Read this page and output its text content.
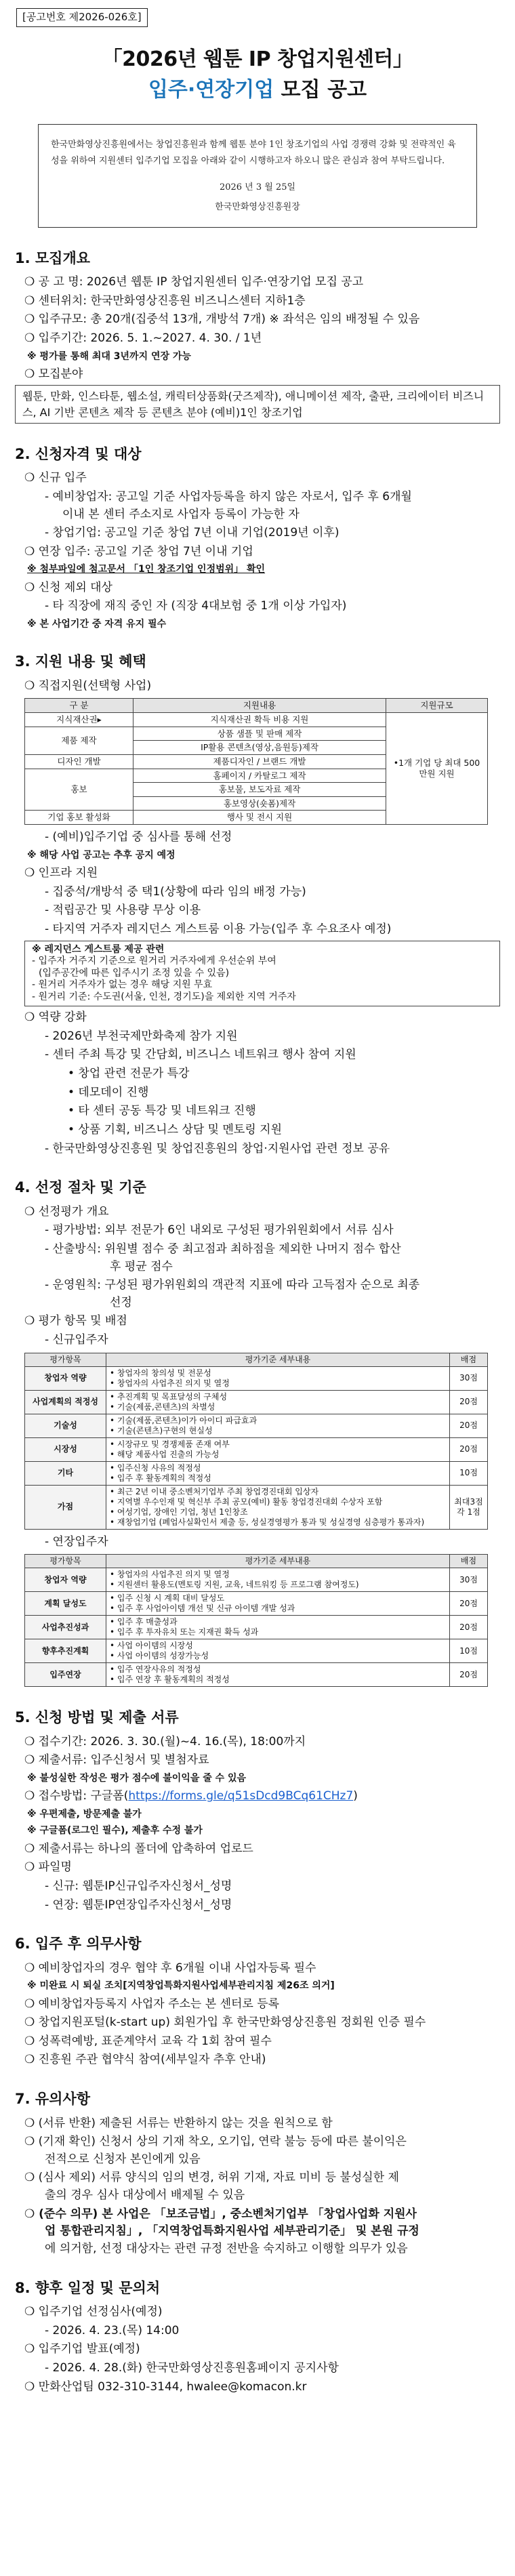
[공고번호 제2026-026호]
「2026년 웹툰 IP 창업지원센터」
입주·연장기업 모집 공고
한국만화영상진흥원에서는 창업진흥원과 함께 웹툰 분야 1인 창조기업의 사업 경쟁력 강화 및 전략적인 육성을 위하여 지원센터 입주기업 모집을 아래와 같이 시행하고자 하오니 많은 관심과 참여 부탁드립니다.
2026 년 3 월 25일
한국만화영상진흥원장
1. 모집개요
❍ 공 고 명: 2026년 웹툰 IP 창업지원센터 입주·연장기업 모집 공고
❍ 센터위치: 한국만화영상진흥원 비즈니스센터 지하1층
❍ 입주규모: 총 20개(집중석 13개, 개방석 7개) ※ 좌석은 임의 배정될 수 있음
❍ 입주기간: 2026. 5. 1.~2027. 4. 30. / 1년
※ 평가를 통해 최대 3년까지 연장 가능
❍ 모집분야
웹툰, 만화, 인스타툰, 웹소설, 캐릭터상품화(굿즈제작), 애니메이션 제작, 출판, 크리에이터 비즈니스, AI 기반 콘텐츠 제작 등 콘텐츠 분야 (예비)1인 창조기업
2. 신청자격 및 대상
❍ 신규 입주
- 예비창업자: 공고일 기준 사업자등록을 하지 않은 자로서, 입주 후 6개월
이내 본 센터 주소지로 사업자 등록이 가능한 자
- 창업기업: 공고일 기준 창업 7년 이내 기업(2019년 이후)
❍ 연장 입주: 공고일 기준 창업 7년 이내 기업
※ 첨부파일에 첨고문서 「1인 창조기업 인정범위」 확인
❍ 신청 제외 대상
- 타 직장에 재직 중인 자 (직장 4대보험 중 1개 이상 가입자)
※ 본 사업기간 중 자격 유지 필수
3. 지원 내용 및 혜택
❍ 직접지원(선택형 사업)
구 분	지원내용	지원규모
지식재산권▸	지식재산권 확득 비용 지원	•1개 기업 당 최대 500만원 지원
제품 제작	상품 샘플 및 판매 제작	
	IP활용 콘텐츠(영상,음원등)제작	
디자인 개발	제품디자인 / 브랜드 개발	
홍보	홈페이지 / 카탈로그 제작	
	홍보물, 보도자료 제작	
	홍보영상(숏폼)제작	
기업 홍보 활성화	행사 및 전시 지원	
- (예비)입주기업 중 심사를 통해 선정
※ 해당 사업 공고는 추후 공지 예정
❍ 인프라 지원
- 집중석/개방석 중 택1(상황에 따라 임의 배정 가능)
- 적립공간 및 사용량 무상 이용
- 타지역 거주자 레지던스 게스트룸 이용 가능(입주 후 수요조사 예정)
※ 레지던스 게스트룸 제공 관련
- 입주자 거주지 기준으로 원거리 거주자에게 우선순위 부여
(입주공간에 따른 입주시기 조정 있을 수 있음)
- 원거리 거주자가 없는 경우 해당 지원 무효
- 원거리 기준: 수도권(서울, 인천, 경기도)을 제외한 지역 거주자
❍ 역량 강화
- 2026년 부천국제만화축제 참가 지원
- 센터 주최 특강 및 간담회, 비즈니스 네트워크 행사 참여 지원
• 창업 관련 전문가 특강
• 데모데이 진행
• 타 센터 공동 특강 및 네트워크 진행
• 상품 기획, 비즈니스 상담 및 멘토링 지원
- 한국만화영상진흥원 및 창업진흥원의 창업·지원사업 관련 정보 공유
4. 선정 절차 및 기준
❍ 선정평가 개요
- 평가방법: 외부 전문가 6인 내외로 구성된 평가위원회에서 서류 심사
- 산출방식: 위원별 점수 중 최고점과 최하점을 제외한 나머지 점수 합산
후 평균 점수
- 운영원칙: 구성된 평가위원회의 객관적 지표에 따라 고득점자 순으로 최종
선정
❍ 평가 항목 및 배점
- 신규입주자
평가항목	평가기준 세부내용	배점
창업자 역량	• 창업자의 창의성 및 전문성
• 창업자의 사업추진 의지 및 열정	30점
사업계획의 적정성	• 추진계획 및 목표달성의 구체성
• 기술(제품,콘텐츠)의 차별성	20점
기술성	• 기술(제품,콘텐츠)이가 아이디 파급효과
• 기술(콘텐츠)구현의 현실성	20점
시장성	• 시장규모 및 경쟁제품 존재 여부
• 해당 제품사업 진출의 가능성	20점
기타	• 입주신청 사유의 적정성
• 입주 후 활동계획의 적정성	10점
가점	• 최근 2년 이내 중소벤처기업부 주최 창업경진대회 입상자
• 지역별 우수인재 및 혁신부 주최 공모(예비) 활동 창업경진대회 수상자 포함
• 여성기업, 장애인 기업, 청년 1인창조
• 재창업기업 (폐업사실확인서 제출 등, 성실경영평가 통과 및 성실경영 심층평가 통과자)	최대3점 각 1점
- 연장입주자
평가항목	평가기준 세부내용	배점
창업자 역량	• 창업자의 사업추진 의지 및 열정
• 지원센터 활용도(멘토링 지원, 교육, 네트워킹 등 프로그램 참여정도)	30점
계획 달성도	• 입주 신청 시 계획 대비 달성도
• 입주 후 사업아이템 개선 및 신규 아이템 개발 성과	20점
사업추진성과	• 입주 후 매출성과
• 입주 후 투자유치 또는 지재권 확득 성과	20점
향후추진계획	• 사업 아이템의 시장성
• 사업 아이템의 성장가능성	10점
입주연장	• 입주 연장사유의 적정성
• 입주 연장 후 활동계획의 적정성	20점
5. 신청 방법 및 제출 서류
❍ 접수기간: 2026. 3. 30.(월)~4. 16.(목), 18:00까지
❍ 제출서류: 입주신청서 및 별첨자료
※ 불성실한 작성은 평가 점수에 불이익을 줄 수 있음
❍ 접수방법: 구글폼(https://forms.gle/q51sDcd9BCq61CHz7)
※ 우편제출, 방문제출 불가
※ 구글폼(로그인 필수), 제출후 수정 불가
❍ 제출서류는 하나의 폴더에 압축하여 업로드
❍ 파일명
- 신규: 웹툰IP신규입주자신청서_성명
- 연장: 웹툰IP연장입주자신청서_성명
6. 입주 후 의무사항
❍ 예비창업자의 경우 협약 후 6개월 이내 사업자등록 필수
※ 미완료 시 퇴실 조치[지역창업특화지원사업세부관리지침 제26조 의거]
❍ 예비창업자등록지 사업자 주소는 본 센터로 등록
❍ 창업지원포털(k-start up) 회원가입 후 한국만화영상진흥원 정회원 인증 필수
❍ 성폭력예방, 표준계약서 교육 각 1회 참여 필수
❍ 진흥원 주관 협약식 참여(세부일자 추후 안내)
7. 유의사항
❍ (서류 반환) 제출된 서류는 반환하지 않는 것을 원칙으로 함
❍ (기재 확인) 신청서 상의 기재 착오, 오기입, 연락 불능 등에 따른 불이익은
전적으로 신청자 본인에게 있음
❍ (심사 제외) 서류 양식의 임의 변경, 허위 기재, 자료 미비 등 불성실한 제
출의 경우 심사 대상에서 배제될 수 있음
❍ (준수 의무) 본 사업은 「보조금법」, 중소벤처기업부 「창업사업화 지원사
업 통합관리지침」, 「지역창업특화지원사업 세부관리기준」 및 본원 규정
에 의거함, 선정 대상자는 관련 규정 전반을 숙지하고 이행할 의무가 있음
8. 향후 일정 및 문의처
❍ 입주기업 선정심사(예정)
- 2026. 4. 23.(목) 14:00
❍ 입주기업 발표(예정)
- 2026. 4. 28.(화) 한국만화영상진흥원홈페이지 공지사항
❍ 만화산업팀 032-310-3144, hwalee@komacon.kr
